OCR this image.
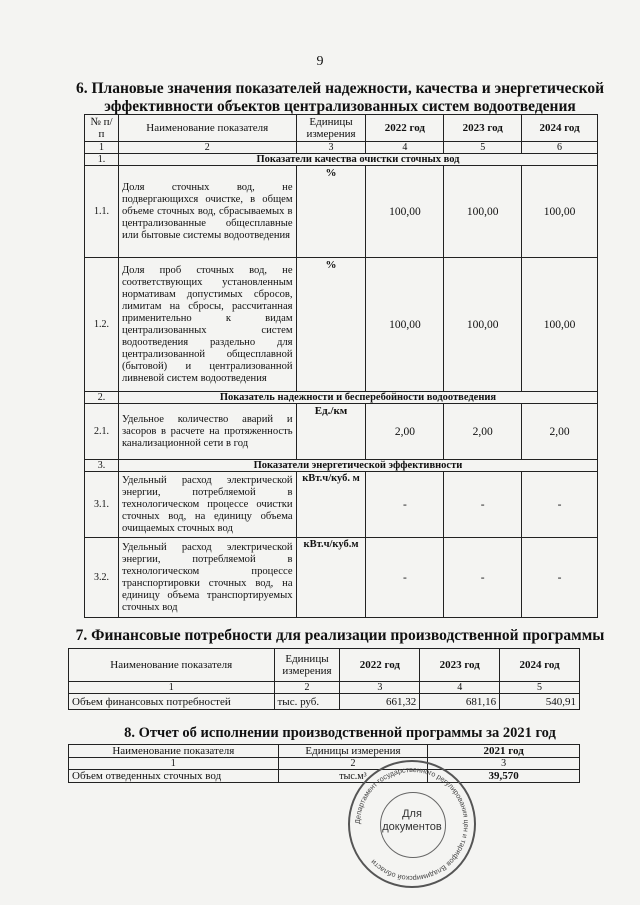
9
6. Плановые значения показателей надежности, качества и энергетической
эффективности объектов централизованных систем водоотведения
№ п/п	Наименование показателя	Единицы измерения	2022 год	2023 год	2024 год
1	2	3	4	5	6
1.	Показатели качества очистки сточных вод				
1.1.	Доля сточных вод, не подвергающихся очистке, в общем объеме сточных вод, сбрасываемых в централизованные общесплавные или бытовые системы водоотведения	%	100,00	100,00	100,00
1.2.	Доля проб сточных вод, не соответствующих установленным нормативам допустимых сбросов, лимитам на сбросы, рассчитанная применительно к видам централизованных систем водоотведения раздельно для централизованной общесплавной (бытовой) и централизованной ливневой систем водоотведения	%	100,00	100,00	100,00
2.	Показатель надежности и бесперебойности водоотведения				
2.1.	Удельное количество аварий и засоров в расчете на протяженность канализационной сети в год	Ед./км	2,00	2,00	2,00
3.	Показатели энергетической эффективности				
3.1.	Удельный расход электрической энергии, потребляемой в технологическом процессе очистки сточных вод, на единицу объема очищаемых сточных вод	кВт.ч/куб. м	-	-	-
3.2.	Удельный расход электрической энергии, потребляемой в технологическом процессе транспортировки сточных вод, на единицу объема транспортируемых сточных вод	кВт.ч/куб.м	-	-	-
7. Финансовые потребности для реализации производственной программы
Наименование показателя	Единицы измерения	2022 год	2023 год	2024 год
1	2	3	4	5
Объем финансовых потребностей	тыс. руб.	661,32	681,16	540,91
8. Отчет об исполнении производственной программы за 2021 год
Наименование показателя	Единицы измерения	2021 год
1	2	3
Объем отведенных сточных вод	тыс.м³	39,570
Департамент государственного регулирования цен и тарифов Владимирской области
Для
документов
